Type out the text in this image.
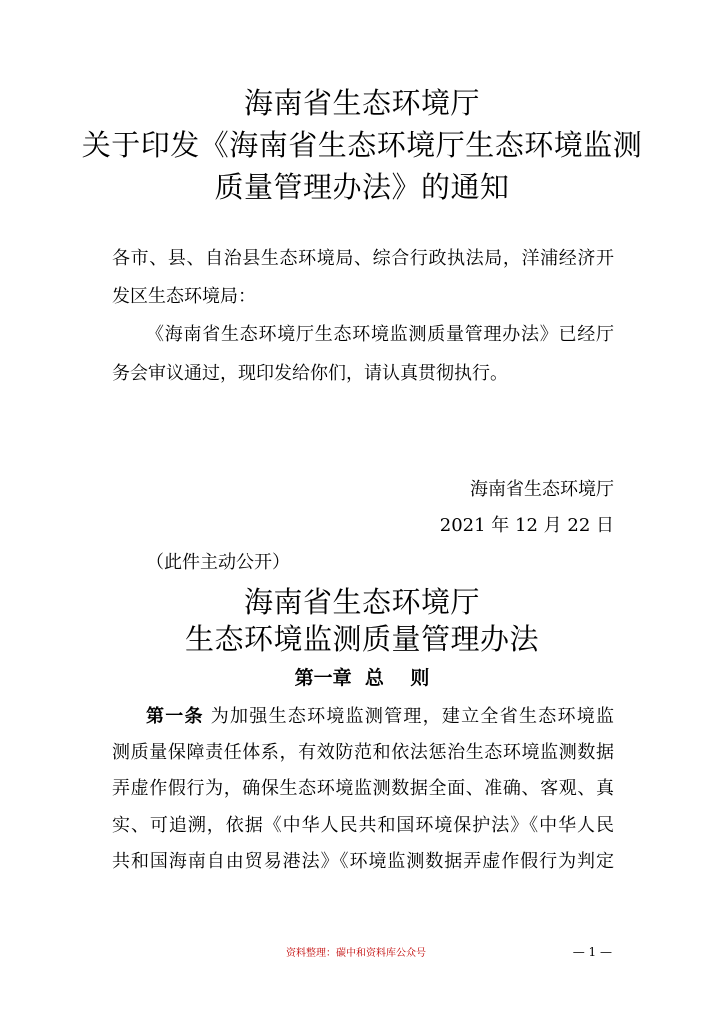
海南省生态环境厅
关于印发《海南省生态环境厅生态环境监测
质量管理办法》的通知
各市、县、自治县生态环境局、综合行政执法局，洋浦经济开
发区生态环境局：
《海南省生态环境厅生态环境监测质量管理办法》已经厅
务会审议通过，现印发给你们，请认真贯彻执行。
海南省生态环境厅
2021 年 12 月 22 日
（此件主动公开）
海南省生态环境厅
生态环境监测质量管理办法
第一章  总    则
第一条 为加强生态环境监测管理，建立全省生态环境监
测质量保障责任体系，有效防范和依法惩治生态环境监测数据
弄虚作假行为，确保生态环境监测数据全面、准确、客观、真
实、可追溯，依据《中华人民共和国环境保护法》《中华人民
共和国海南自由贸易港法》《环境监测数据弄虚作假行为判定
资料整理：碳中和资料库公众号	— 1 —
